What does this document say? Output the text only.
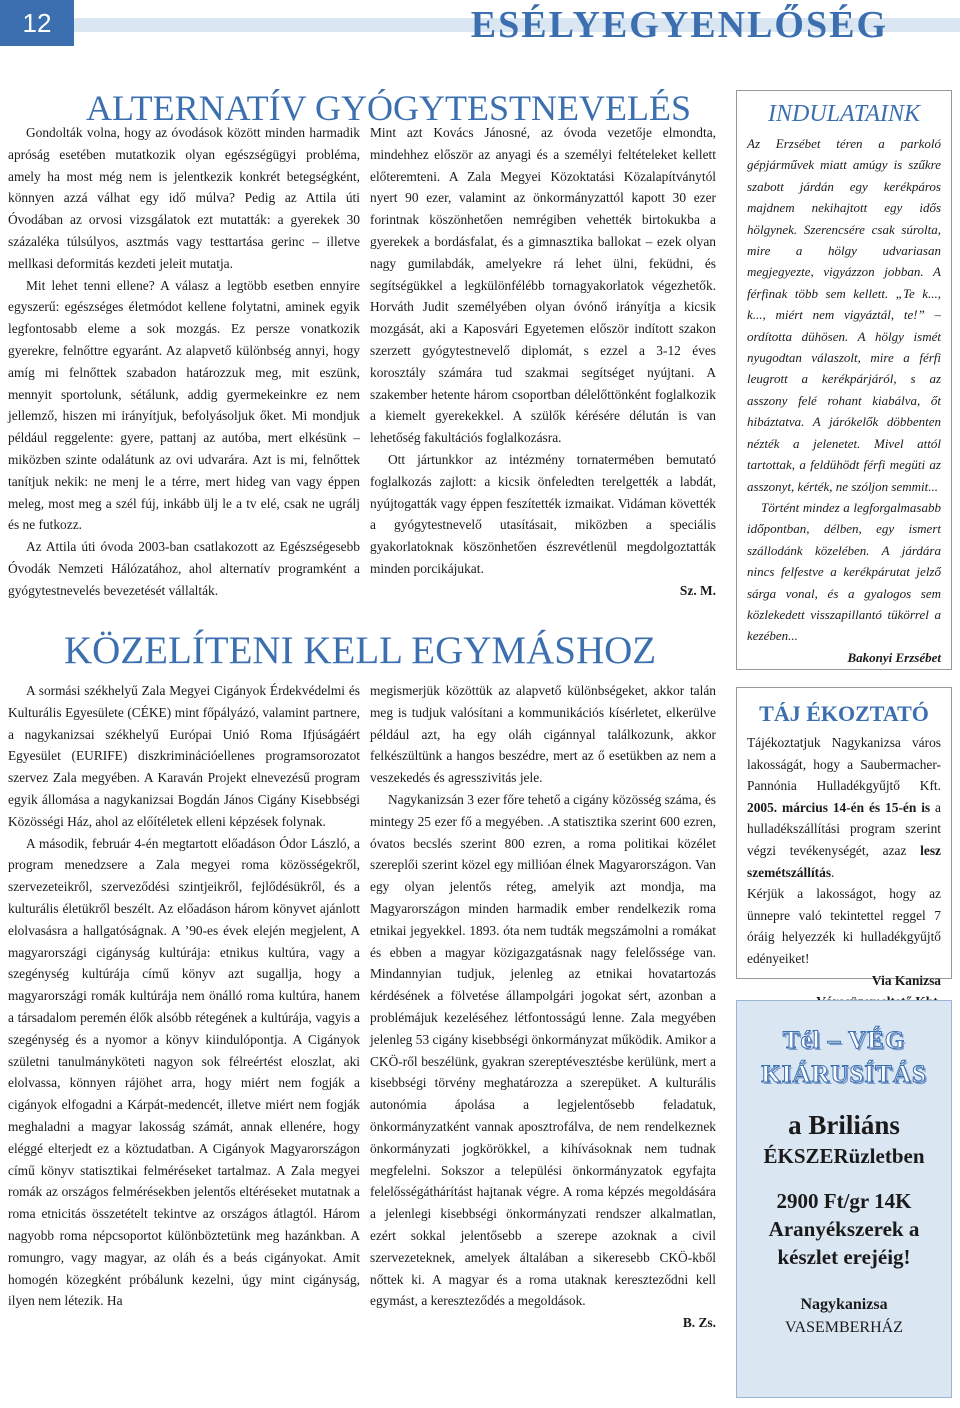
12	ESÉLYEGYENLŐSÉG
ALTERNATÍV GYÓGYTESTNEVELÉS

Gondolták volna, hogy az óvodások között minden harmadik apróság esetében mutatkozik olyan egészségügyi probléma, amely ha most még nem is jelentkezik konkrét betegségként, könnyen azzá válhat egy idő múlva? Pedig az Attila úti Óvodában az orvosi vizsgálatok ezt mutatták: a gyerekek 30 százaléka túlsúlyos, asztmás vagy testtartása gerinc – illetve mellkasi deformitás kezdeti jeleit mutatja.

Mit lehet tenni ellene? A válasz a legtöbb esetben ennyire egyszerű: egészséges életmódot kellene folytatni, aminek egyik legfontosabb eleme a sok mozgás. Ez persze vonatkozik gyerekre, felnőttre egyaránt. Az alapvető különbség annyi, hogy amíg mi felnőttek szabadon határozzuk meg, mit eszünk, mennyit sportolunk, sétálunk, addig gyermekeinkre ez nem jellemző, hiszen mi irányítjuk, befolyásoljuk őket. Mi mondjuk például reggelente: gyere, pattanj az autóba, mert elkésünk – miközben szinte odalátunk az ovi udvarára. Azt is mi, felnőttek tanítjuk nekik: ne menj le a térre, mert hideg van vagy éppen meleg, most meg a szél fúj, inkább ülj le a tv elé, csak ne ugrálj és ne futkozz.

Az Attila úti óvoda 2003-ban csatlakozott az Egészségesebb Óvodák Nemzeti Hálózatához, ahol alternatív programként a gyógytestnevelés bevezetését vállalták.

Mint azt Kovács Jánosné, az óvoda vezetője elmondta, mindehhez először az anyagi és a személyi feltételeket kellett előteremteni. A Zala Megyei Közoktatási Közalapítványtól nyert 90 ezer, valamint az önkormányzattól kapott 30 ezer forintnak köszönhetően nemrégiben vehették birtokukba a gyerekek a bordásfalat, és a gimnasztika ballokat – ezek olyan nagy gumilabdák, amelyekre rá lehet ülni, feküdni, és segítségükkel a legkülönfélébb tornagyakorlatok végezhetők. Horváth Judit személyében olyan óvónő irányítja a kicsik mozgását, aki a Kaposvári Egyetemen először indított szakon szerzett gyógytestnevelő diplomát, s ezzel a 3-12 éves korosztály számára tud szakmai segítséget nyújtani. A szakember hetente három csoportban délelőttönként foglalkozik a kiemelt gyerekekkel. A szülők kérésére délután is van lehetőség fakultációs foglalkozásra.

Ott jártunkkor az intézmény tornatermében bemutató foglalkozás zajlott: a kicsik önfeledten terelgették a labdát, nyújtogatták vagy éppen feszítették izmaikat. Vidáman követték a gyógytestnevelő utasításait, miközben a speciális gyakorlatoknak köszönhetően észrevétlenül megdolgoztatták minden porcikájukat.

Sz. M.

KÖZELÍTENI KELL EGYMÁSHOZ

A sormási székhelyű Zala Megyei Cigányok Érdekvédelmi és Kulturális Egyesülete (CÉKE) mint főpályázó, valamint partnere, a nagykanizsai székhelyű Európai Unió Roma Ifjúságáért Egyesület (EURIFE) diszkriminációellenes programsorozatot szervez Zala megyében. A Karaván Projekt elnevezésű program egyik állomása a nagykanizsai Bogdán János Cigány Kisebbségi Közösségi Ház, ahol az előítéletek elleni képzések folynak.

A második, február 4-én megtartott előadáson Ódor László, a program menedzsere a Zala megyei roma közösségekről, szervezeteikről, szerveződési szintjeikről, fejlődésükről, és a kulturális életükről beszélt. Az előadáson három könyvet ajánlott elolvasásra a hallgatóságnak. A ’90-es évek elején megjelent, A magyarországi cigányság kultúrája: etnikus kultúra, vagy a szegénység kultúrája című könyv azt sugallja, hogy a magyarországi romák kultúrája nem önálló roma kultúra, hanem a társadalom peremén élők alsóbb rétegének a kultúrája, vagyis a szegénység és a nyomor a könyv kiindulópontja. A Cigányok születni tanulmányköteti nagyon sok félreértést eloszlat, aki elolvassa, könnyen rájöhet arra, hogy miért nem fogják a cigányok elfogadni a Kárpát-medencét, illetve miért nem fogják meghaladni a magyar lakosság számát, annak ellenére, hogy eléggé elterjedt ez a köztudatban. A Cigányok Magyarországon című könyv statisztikai felméréseket tartalmaz. A Zala megyei romák az országos felmérésekben jelentős eltéréseket mutatnak a roma etnicitás összetételt tekintve az országos átlagtól. Három nagyobb roma népcsoportot különböztetünk meg hazánkban. A romungro, vagy magyar, az oláh és a beás cigányokat. Amit homogén közegként próbálunk kezelni, úgy mint cigányság, ilyen nem létezik. Ha

megismerjük közöttük az alapvető különbségeket, akkor talán meg is tudjuk valósítani a kommunikációs kísérletet, elkerülve például azt, ha egy oláh cigánnyal találkozunk, akkor felkészültünk a hangos beszédre, mert az ő esetükben az nem a veszekedés és agresszivitás jele.

Nagykanizsán 3 ezer főre tehető a cigány közösség száma, és mintegy 25 ezer fő a megyében. .A statisztika szerint 600 ezren, óvatos becslés szerint 800 ezren, a roma politikai közélet szereplői szerint közel egy millióan élnek Magyarországon. Van egy olyan jelentős réteg, amelyik azt mondja, ma Magyarországon minden harmadik ember rendelkezik roma etnikai jegyekkel. 1893. óta nem tudták megszámolni a romákat és ebben a magyar közigazgatásnak nagy felelőssége van. Mindannyian tudjuk, jelenleg az etnikai hovatartozás kérdésének a fölvetése állampolgári jogokat sért, azonban a problémájuk kezeléséhez létfontosságú lenne. Zala megyében jelenleg 53 cigány kisebbségi önkormányzat működik. Amikor a CKÖ-ről beszélünk, gyakran szereptévesztésbe kerülünk, mert a kisebbségi törvény meghatározza a szerepüket. A kulturális autonómia ápolása a legjelentősebb feladatuk, önkormányzatként vannak aposztrofálva, de nem rendelkeznek önkormányzati jogkörökkel, a kihívásoknak nem tudnak megfelelni. Sokszor a települési önkormányzatok egyfajta felelősségáthárítást hajtanak végre. A roma képzés megoldására a jelenlegi kisebbségi önkormányzati rendszer alkalmatlan, ezért sokkal jelentősebb a szerepe azoknak a civil szervezeteknek, amelyek általában a sikeresebb CKÖ-kből nőttek ki. A magyar és a roma utaknak kereszteződni kell egymást, a kereszteződés a megoldások.

B. Zs.

INDULATAINK

Az Erzsébet téren a parkoló gépjárművek miatt amúgy is szűkre szabott járdán egy kerékpáros majdnem nekihajtott egy idős hölgynek. Szerencsére csak súrolta, mire a hölgy udvariasan megjegyezte, vigyázzon jobban. A férfinak több sem kellett. „Te k..., k..., miért nem vigyáztál, te!” – ordította dühösen. A hölgy ismét nyugodtan válaszolt, mire a férfi leugrott a kerékpárjáról, s az asszony felé rohant kiabálva, őt hibáztatva. A járókelők döbbenten nézték a jelenetet. Mivel attól tartottak, a feldühödt férfi megüti az asszonyt, kérték, ne szóljon semmit...

Történt mindez a legforgalmasabb időpontban, délben, egy ismert szállodánk közelében. A járdára nincs felfestve a kerékpárutat jelző sárga vonal, és a gyalogos sem közlekedett visszapillantó tükörrel a kezében...

Bakonyi Erzsébet

TÁJ ÉKOZTATÓ

Tájékoztatjuk Nagykanizsa város lakosságát, hogy a Saubermacher-Pannónia Hulladékgyűjtő Kft. 2005. március 14-én és 15-én is a hulladékszállítási program szerint végzi tevékenységét, azaz lesz szemétszállítás.

Kérjük a lakosságot, hogy az ünnepre való tekintettel reggel 7 óráig helyezzék ki hulladékgyűjtő edényeiket!

Via Kanizsa

Tél – VÉG
KIÁRUSÍTÁS
a Briliáns
ÉKSZERüzletben
2900 Ft/gr 14K
Aranyékszerek a
készlet erejéig!
Nagykanizsa
VASEMBERHÁZ
